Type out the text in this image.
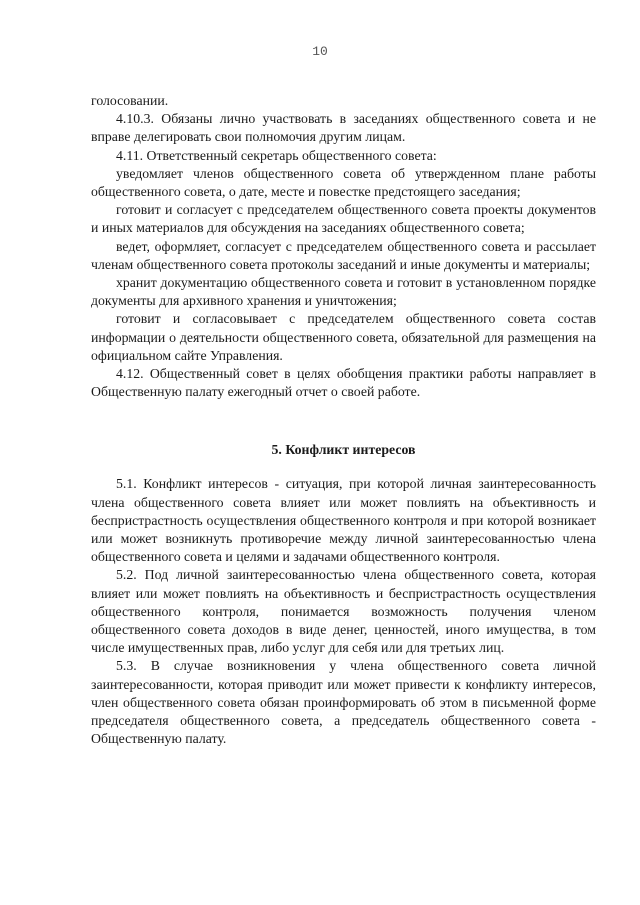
10

голосовании.

4.10.3. Обязаны лично участвовать в заседаниях общественного совета и не вправе делегировать свои полномочия другим лицам.

4.11. Ответственный секретарь общественного совета:

уведомляет членов общественного совета об утвержденном плане работы общественного совета, о дате, месте и повестке предстоящего заседания;

готовит и согласует с председателем общественного совета проекты документов и иных материалов для обсуждения на заседаниях общественного совета;

ведет, оформляет, согласует с председателем общественного совета и рассылает членам общественного совета протоколы заседаний и иные документы и материалы;

хранит документацию общественного совета и готовит в установленном порядке документы для архивного хранения и уничтожения;

готовит и согласовывает с председателем общественного совета состав информации о деятельности общественного совета, обязательной для размещения на официальном сайте Управления.

4.12. Общественный совет в целях обобщения практики работы направляет в Общественную палату ежегодный отчет о своей работе.

5. Конфликт интересов

5.1. Конфликт интересов - ситуация, при которой личная заинтересованность члена общественного совета влияет или может повлиять на объективность и беспристрастность осуществления общественного контроля и при которой возникает или может возникнуть противоречие между личной заинтересованностью члена общественного совета и целями и задачами общественного контроля.

5.2. Под личной заинтересованностью члена общественного совета, которая влияет или может повлиять на объективность и беспристрастность осуществления общественного контроля, понимается возможность получения членом общественного совета доходов в виде денег, ценностей, иного имущества, в том числе имущественных прав, либо услуг для себя или для третьих лиц.

5.3. В случае возникновения у члена общественного совета личной заинтересованности, которая приводит или может привести к конфликту интересов, член общественного совета обязан проинформировать об этом в письменной форме председателя общественного совета, а председатель общественного совета - Общественную палату.
